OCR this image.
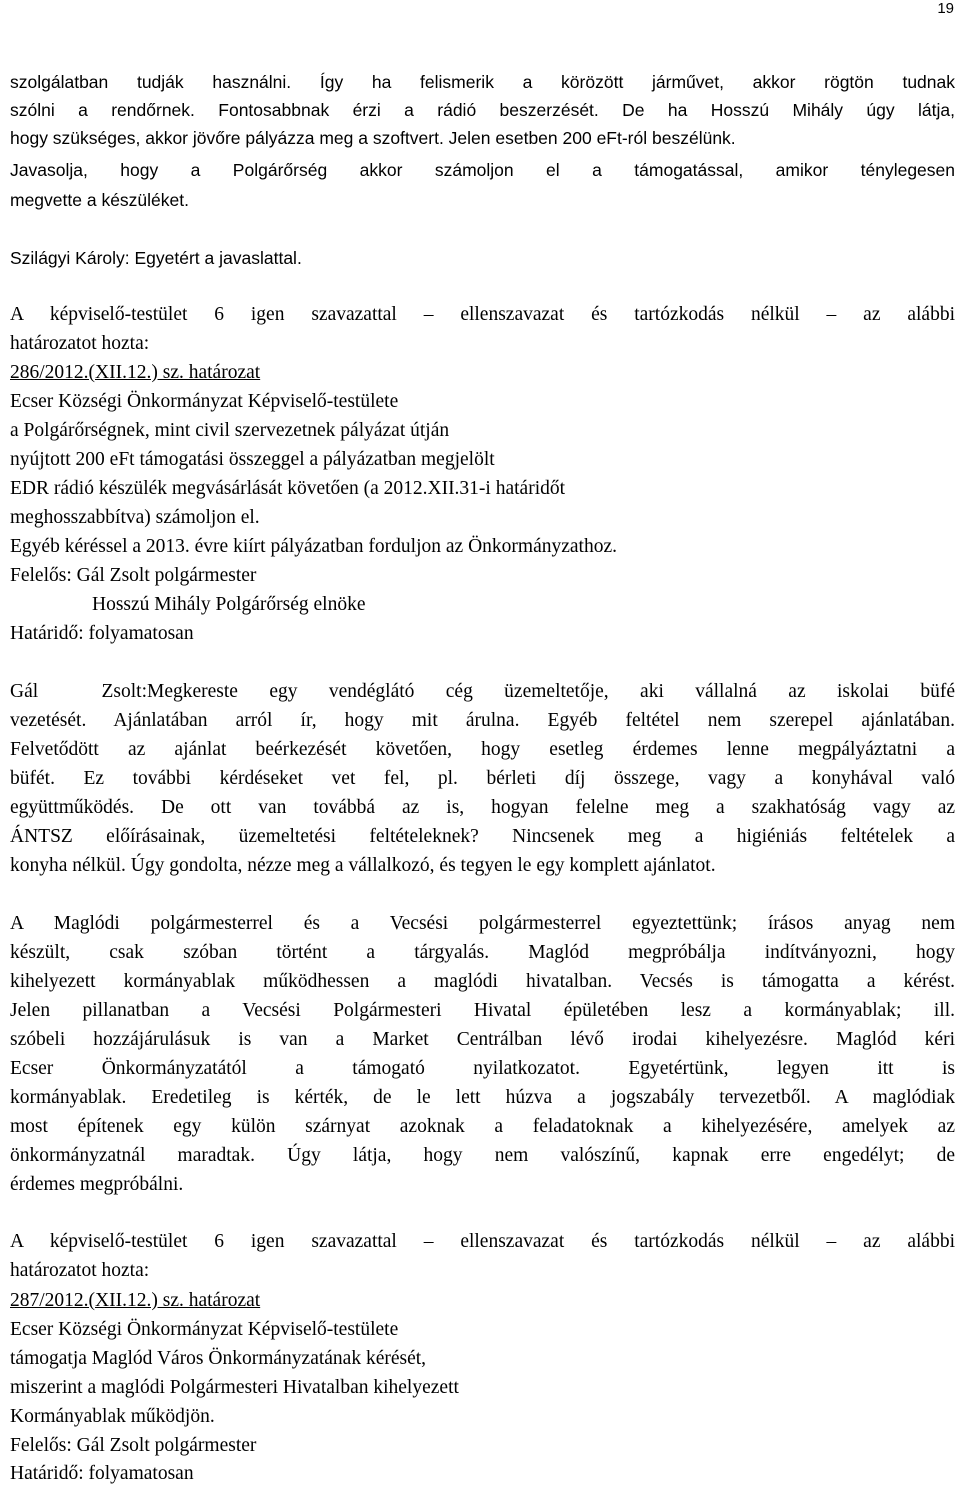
19
szolgálatban tudják használni. Így ha felismerik a körözött járművet, akkor rögtön tudnak
szólni a rendőrnek. Fontosabbnak érzi a rádió beszerzését. De ha Hosszú Mihály úgy látja,
hogy szükséges, akkor jövőre pályázza meg a szoftvert. Jelen esetben 200 eFt-ról beszélünk.
Javasolja, hogy a Polgárőrség akkor számoljon el a támogatással, amikor ténylegesen
megvette a készüléket.
Szilágyi Károly: Egyetért a javaslattal.
A képviselő-testület 6 igen szavazattal – ellenszavazat és tartózkodás nélkül – az alábbi
határozatot hozta:
286/2012.(XII.12.) sz. határozat
Ecser Községi Önkormányzat Képviselő-testülete
a Polgárőrségnek, mint civil szervezetnek pályázat útján
nyújtott 200 eFt támogatási összeggel a pályázatban megjelölt
EDR rádió készülék megvásárlását követően (a 2012.XII.31-i határidőt
meghosszabbítva) számoljon el.
Egyéb kéréssel a 2013. évre kiírt pályázatban forduljon az Önkormányzathoz.
Felelős: Gál Zsolt polgármester
Hosszú Mihály Polgárőrség elnöke
Határidő: folyamatosan
Gál Zsolt:Megkereste egy vendéglátó cég üzemeltetője, aki vállalná az iskolai büfé
vezetését. Ajánlatában arról ír, hogy mit árulna. Egyéb feltétel nem szerepel ajánlatában.
Felvetődött az ajánlat beérkezését követően, hogy esetleg érdemes lenne megpályáztatni a
büfét. Ez további kérdéseket vet fel, pl. bérleti díj összege, vagy a konyhával való
együttműködés. De ott van továbbá az is, hogyan felelne meg a szakhatóság vagy az
ÁNTSZ előírásainak, üzemeltetési feltételeknek? Nincsenek meg a higiéniás feltételek a
konyha nélkül. Úgy gondolta, nézze meg a vállalkozó, és tegyen le egy komplett ajánlatot.
A Maglódi polgármesterrel és a Vecsési polgármesterrel egyeztettünk; írásos anyag nem
készült, csak szóban történt a tárgyalás. Maglód megpróbálja indítványozni, hogy
kihelyezett kormányablak működhessen a maglódi hivatalban. Vecsés is támogatta a kérést.
Jelen pillanatban a Vecsési Polgármesteri Hivatal épületében lesz a kormányablak; ill.
szóbeli hozzájárulásuk is van a Market Centrálban lévő irodai kihelyezésre. Maglód kéri
Ecser Önkormányzatától a támogató nyilatkozatot. Egyetértünk, legyen itt is
kormányablak. Eredetileg is kérték, de le lett húzva a jogszabály tervezetből. A maglódiak
most építenek egy külön szárnyat azoknak a feladatoknak a kihelyezésére, amelyek az
önkormányzatnál maradtak. Úgy látja, hogy nem valószínű, kapnak erre engedélyt; de
érdemes megpróbálni.
A képviselő-testület 6 igen szavazattal – ellenszavazat és tartózkodás nélkül – az alábbi
határozatot hozta:
287/2012.(XII.12.) sz. határozat
Ecser Községi Önkormányzat Képviselő-testülete
támogatja Maglód Város Önkormányzatának kérését,
miszerint a maglódi Polgármesteri Hivatalban kihelyezett
Kormányablak működjön.
Felelős: Gál Zsolt polgármester
Határidő: folyamatosan
